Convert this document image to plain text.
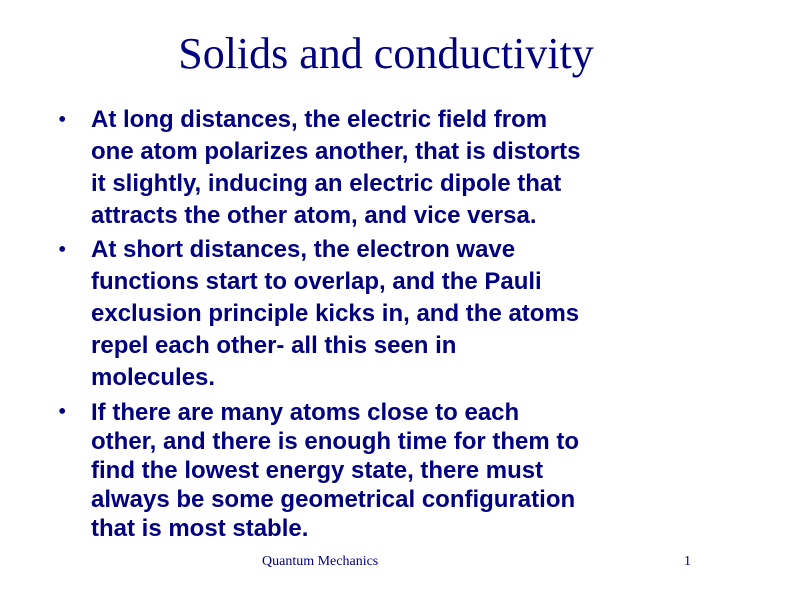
Solids and conductivity
• At long distances, the electric field from
one atom polarizes another, that is distorts
it slightly, inducing an electric dipole that
attracts the other atom, and vice versa.
• At short distances, the electron wave
functions start to overlap, and the Pauli
exclusion principle kicks in, and the atoms
repel each other- all this seen in
molecules.
• If there are many atoms close to each
other, and there is enough time for them to
find the lowest energy state, there must
always be some geometrical configuration
that is most stable.
Quantum Mechanics	1
